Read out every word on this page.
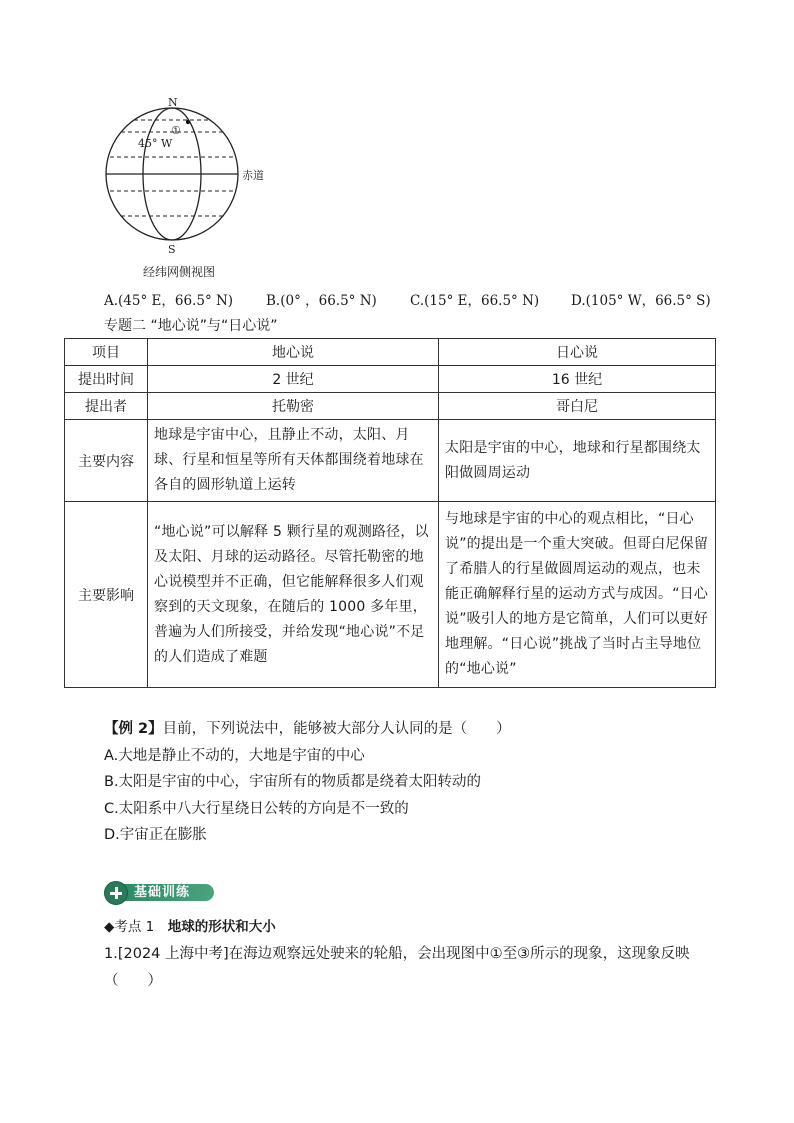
N
S
①
45° W
赤道
经纬网侧视图
A.(45° E，66.5° N) B.(0° ，66.5° N) C.(15° E，66.5° N) D.(105° W，66.5° S)
专题二 “地心说”与“日心说”
项目	地心说	日心说
提出时间	2 世纪	16 世纪
提出者	托勒密	哥白尼
主要内容	地球是宇宙中心，且静止不动，太阳、月球、行星和恒星等所有天体都围绕着地球在各自的圆形轨道上运转	太阳是宇宙的中心，地球和行星都围绕太阳做圆周运动

主要影响	“地心说”可以解释 5 颗行星的观测路径，以及太阳、月球的运动路径。尽管托勒密的地心说模型并不正确，但它能解释很多人们观察到的天文现象，在随后的 1000 多年里，普遍为人们所接受，并给发现“地心说”不足的人们造成了难题	与地球是宇宙的中心的观点相比，“日心说”的提出是一个重大突破。但哥白尼保留了希腊人的行星做圆周运动的观点，也未能正确解释行星的运动方式与成因。“日心说”吸引人的地方是它简单，人们可以更好地理解。“日心说”挑战了当时占主导地位的“地心说”
【例 2】目前，下列说法中，能够被大部分人认同的是（　　）
A.大地是静止不动的，大地是宇宙的中心
B.太阳是宇宙的中心，宇宙所有的物质都是绕着太阳转动的
C.太阳系中八大行星绕日公转的方向是不一致的
D.宇宙正在膨胀
基础训练
◆考点 1　地球的形状和大小
1.[2024 上海中考]在海边观察远处驶来的轮船，会出现图中①至③所示的现象，这现象反映（　　）
